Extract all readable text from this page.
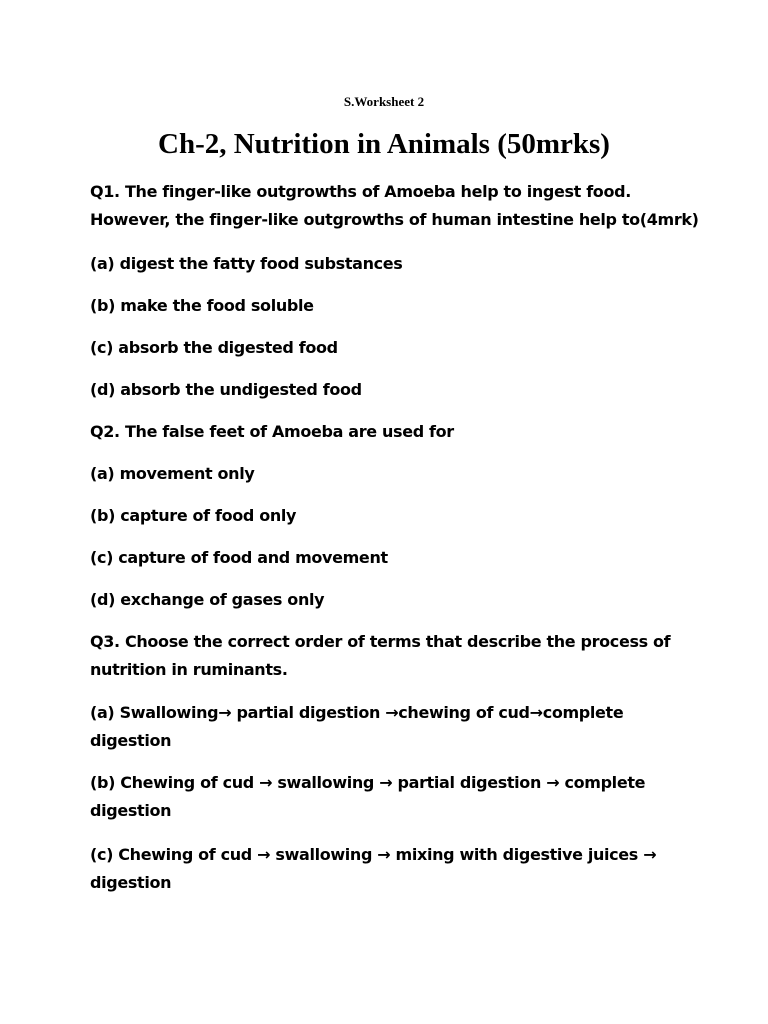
S.Worksheet 2
Ch-2, Nutrition in Animals (50mrks)
Q1. The finger-like outgrowths of Amoeba help to ingest food.
However, the finger-like outgrowths of human intestine help to(4mrk)
(a) digest the fatty food substances
(b) make the food soluble
(c) absorb the digested food
(d) absorb the undigested food
Q2. The false feet of Amoeba are used for
(a) movement only
(b) capture of food only
(c) capture of food and movement
(d) exchange of gases only
Q3. Choose the correct order of terms that describe the process of
nutrition in ruminants.
(a) Swallowing→ partial digestion →chewing of cud→complete
digestion
(b) Chewing of cud → swallowing → partial digestion → complete
digestion
(c) Chewing of cud → swallowing → mixing with digestive juices →
digestion
